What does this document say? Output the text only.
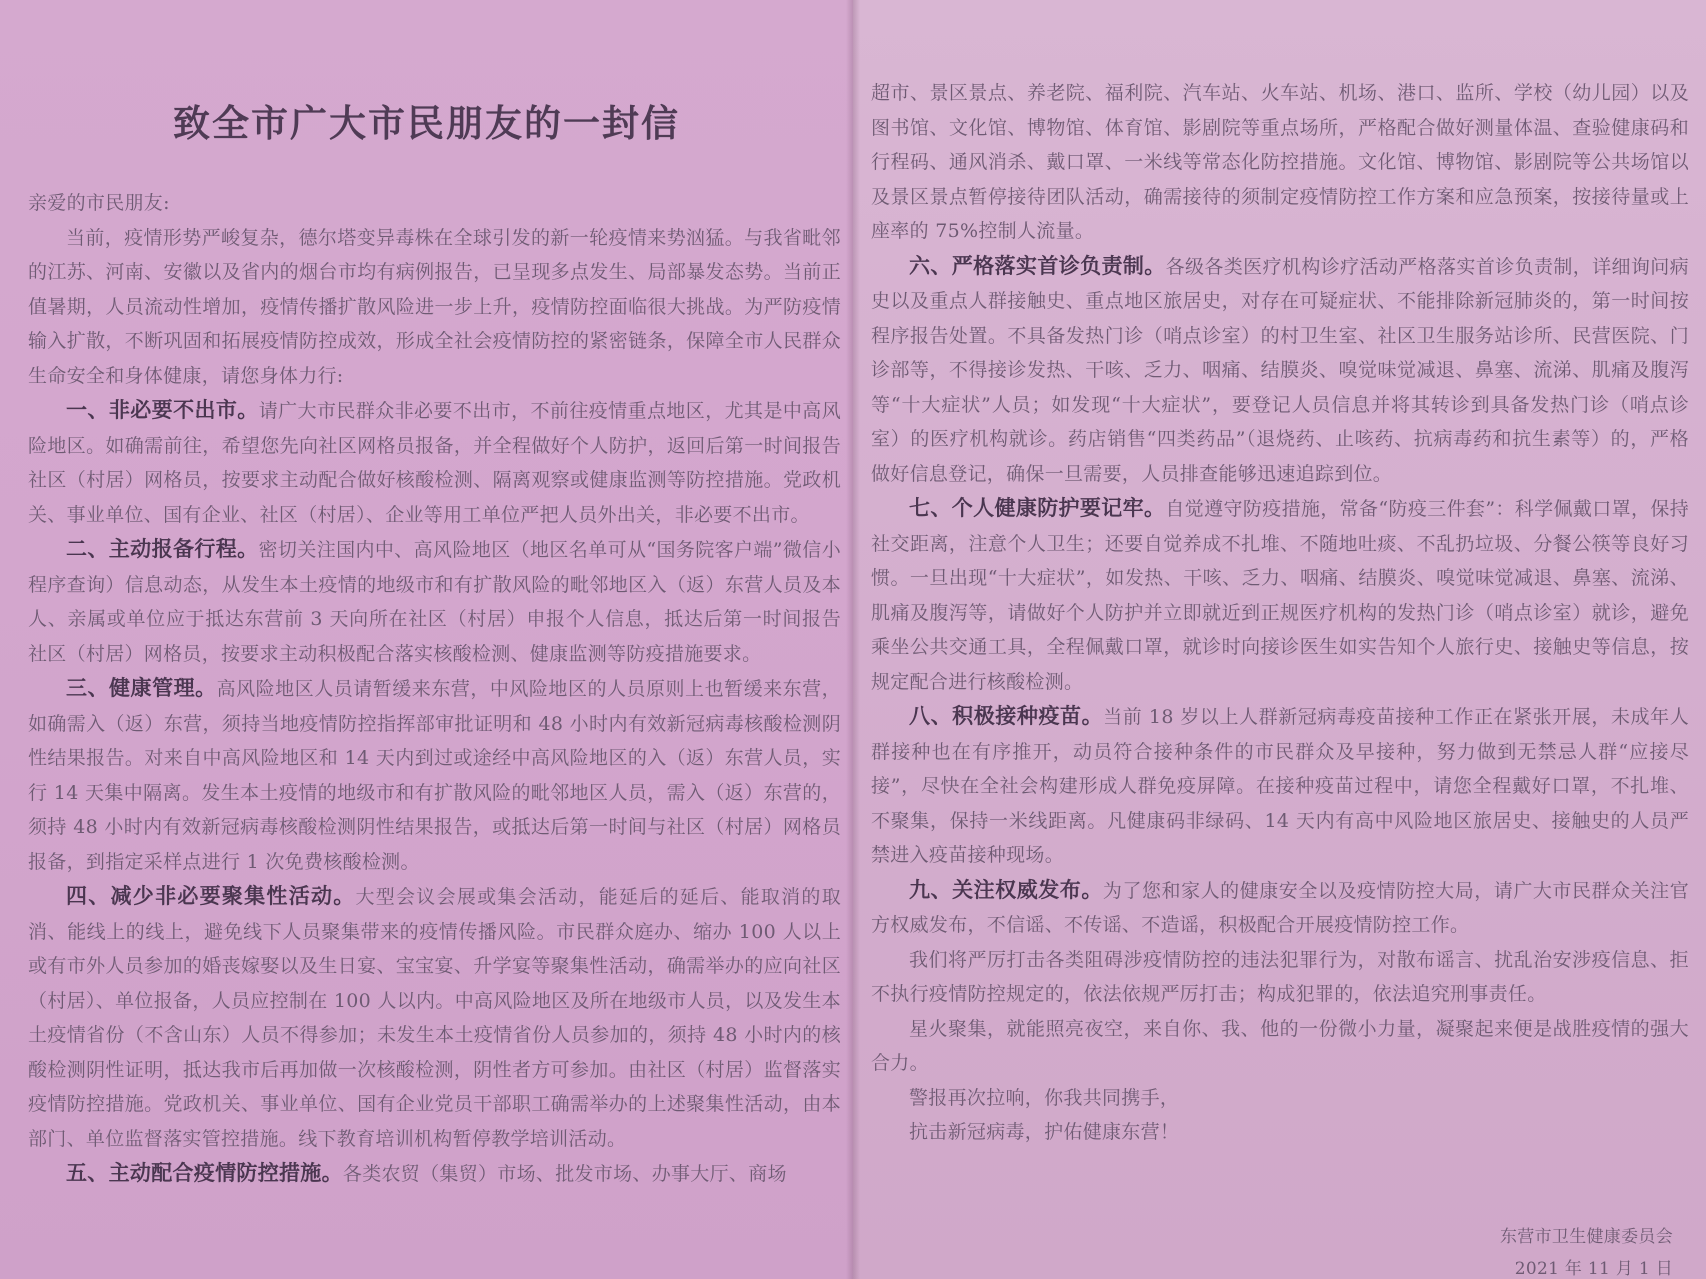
致全市广大市民朋友的一封信

亲爱的市民朋友:

当前，疫情形势严峻复杂，德尔塔变异毒株在全球引发的新一轮疫情来势汹猛。与我省毗邻的江苏、河南、安徽以及省内的烟台市均有病例报告，已呈现多点发生、局部暴发态势。当前正值暑期，人员流动性增加，疫情传播扩散风险进一步上升，疫情防控面临很大挑战。为严防疫情输入扩散，不断巩固和拓展疫情防控成效，形成全社会疫情防控的紧密链条，保障全市人民群众生命安全和身体健康，请您身体力行:

一、非必要不出市。请广大市民群众非必要不出市，不前往疫情重点地区，尤其是中高风险地区。如确需前往，希望您先向社区网格员报备，并全程做好个人防护，返回后第一时间报告社区（村居）网格员，按要求主动配合做好核酸检测、隔离观察或健康监测等防控措施。党政机关、事业单位、国有企业、社区（村居）、企业等用工单位严把人员外出关，非必要不出市。

二、主动报备行程。密切关注国内中、高风险地区（地区名单可从“国务院客户端”微信小程序查询）信息动态，从发生本土疫情的地级市和有扩散风险的毗邻地区入（返）东营人员及本人、亲属或单位应于抵达东营前 3 天向所在社区（村居）申报个人信息，抵达后第一时间报告社区（村居）网格员，按要求主动积极配合落实核酸检测、健康监测等防疫措施要求。

三、健康管理。高风险地区人员请暂缓来东营，中风险地区的人员原则上也暂缓来东营，如确需入（返）东营，须持当地疫情防控指挥部审批证明和 48 小时内有效新冠病毒核酸检测阴性结果报告。对来自中高风险地区和 14 天内到过或途经中高风险地区的入（返）东营人员，实行 14 天集中隔离。发生本土疫情的地级市和有扩散风险的毗邻地区人员，需入（返）东营的，须持 48 小时内有效新冠病毒核酸检测阴性结果报告，或抵达后第一时间与社区（村居）网格员报备，到指定采样点进行 1 次免费核酸检测。

四、减少非必要聚集性活动。大型会议会展或集会活动，能延后的延后、能取消的取消、能线上的线上，避免线下人员聚集带来的疫情传播风险。市民群众庭办、缩办 100 人以上或有市外人员参加的婚丧嫁娶以及生日宴、宝宝宴、升学宴等聚集性活动，确需举办的应向社区（村居）、单位报备，人员应控制在 100 人以内。中高风险地区及所在地级市人员，以及发生本土疫情省份（不含山东）人员不得参加；未发生本土疫情省份人员参加的，须持 48 小时内的核酸检测阴性证明，抵达我市后再加做一次核酸检测，阴性者方可参加。由社区（村居）监督落实疫情防控措施。党政机关、事业单位、国有企业党员干部职工确需举办的上述聚集性活动，由本部门、单位监督落实管控措施。线下教育培训机构暂停教学培训活动。

五、主动配合疫情防控措施。各类农贸（集贸）市场、批发市场、办事大厅、商场

超市、景区景点、养老院、福利院、汽车站、火车站、机场、港口、监所、学校（幼儿园）以及图书馆、文化馆、博物馆、体育馆、影剧院等重点场所，严格配合做好测量体温、查验健康码和行程码、通风消杀、戴口罩、一米线等常态化防控措施。文化馆、博物馆、影剧院等公共场馆以及景区景点暂停接待团队活动，确需接待的须制定疫情防控工作方案和应急预案，按接待量或上座率的 75%控制人流量。

六、严格落实首诊负责制。各级各类医疗机构诊疗活动严格落实首诊负责制，详细询问病史以及重点人群接触史、重点地区旅居史，对存在可疑症状、不能排除新冠肺炎的，第一时间按程序报告处置。不具备发热门诊（哨点诊室）的村卫生室、社区卫生服务站诊所、民营医院、门诊部等，不得接诊发热、干咳、乏力、咽痛、结膜炎、嗅觉味觉减退、鼻塞、流涕、肌痛及腹泻等“十大症状”人员；如发现“十大症状”，要登记人员信息并将其转诊到具备发热门诊（哨点诊室）的医疗机构就诊。药店销售“四类药品”（退烧药、止咳药、抗病毒药和抗生素等）的，严格做好信息登记，确保一旦需要，人员排查能够迅速追踪到位。

七、个人健康防护要记牢。自觉遵守防疫措施，常备“防疫三件套”：科学佩戴口罩，保持社交距离，注意个人卫生；还要自觉养成不扎堆、不随地吐痰、不乱扔垃圾、分餐公筷等良好习惯。一旦出现“十大症状”，如发热、干咳、乏力、咽痛、结膜炎、嗅觉味觉减退、鼻塞、流涕、肌痛及腹泻等，请做好个人防护并立即就近到正规医疗机构的发热门诊（哨点诊室）就诊，避免乘坐公共交通工具，全程佩戴口罩，就诊时向接诊医生如实告知个人旅行史、接触史等信息，按规定配合进行核酸检测。

八、积极接种疫苗。当前 18 岁以上人群新冠病毒疫苗接种工作正在紧张开展，未成年人群接种也在有序推开，动员符合接种条件的市民群众及早接种，努力做到无禁忌人群“应接尽接”，尽快在全社会构建形成人群免疫屏障。在接种疫苗过程中，请您全程戴好口罩，不扎堆、不聚集，保持一米线距离。凡健康码非绿码、14 天内有高中风险地区旅居史、接触史的人员严禁进入疫苗接种现场。

九、关注权威发布。为了您和家人的健康安全以及疫情防控大局，请广大市民群众关注官方权威发布，不信谣、不传谣、不造谣，积极配合开展疫情防控工作。

我们将严厉打击各类阻碍涉疫情防控的违法犯罪行为，对散布谣言、扰乱治安涉疫信息、拒不执行疫情防控规定的，依法依规严厉打击；构成犯罪的，依法追究刑事责任。

星火聚集，就能照亮夜空，来自你、我、他的一份微小力量，凝聚起来便是战胜疫情的强大合力。

警报再次拉响，你我共同携手，

抗击新冠病毒，护佑健康东营！

东营市卫生健康委员会
2021 年 11 月 1 日
